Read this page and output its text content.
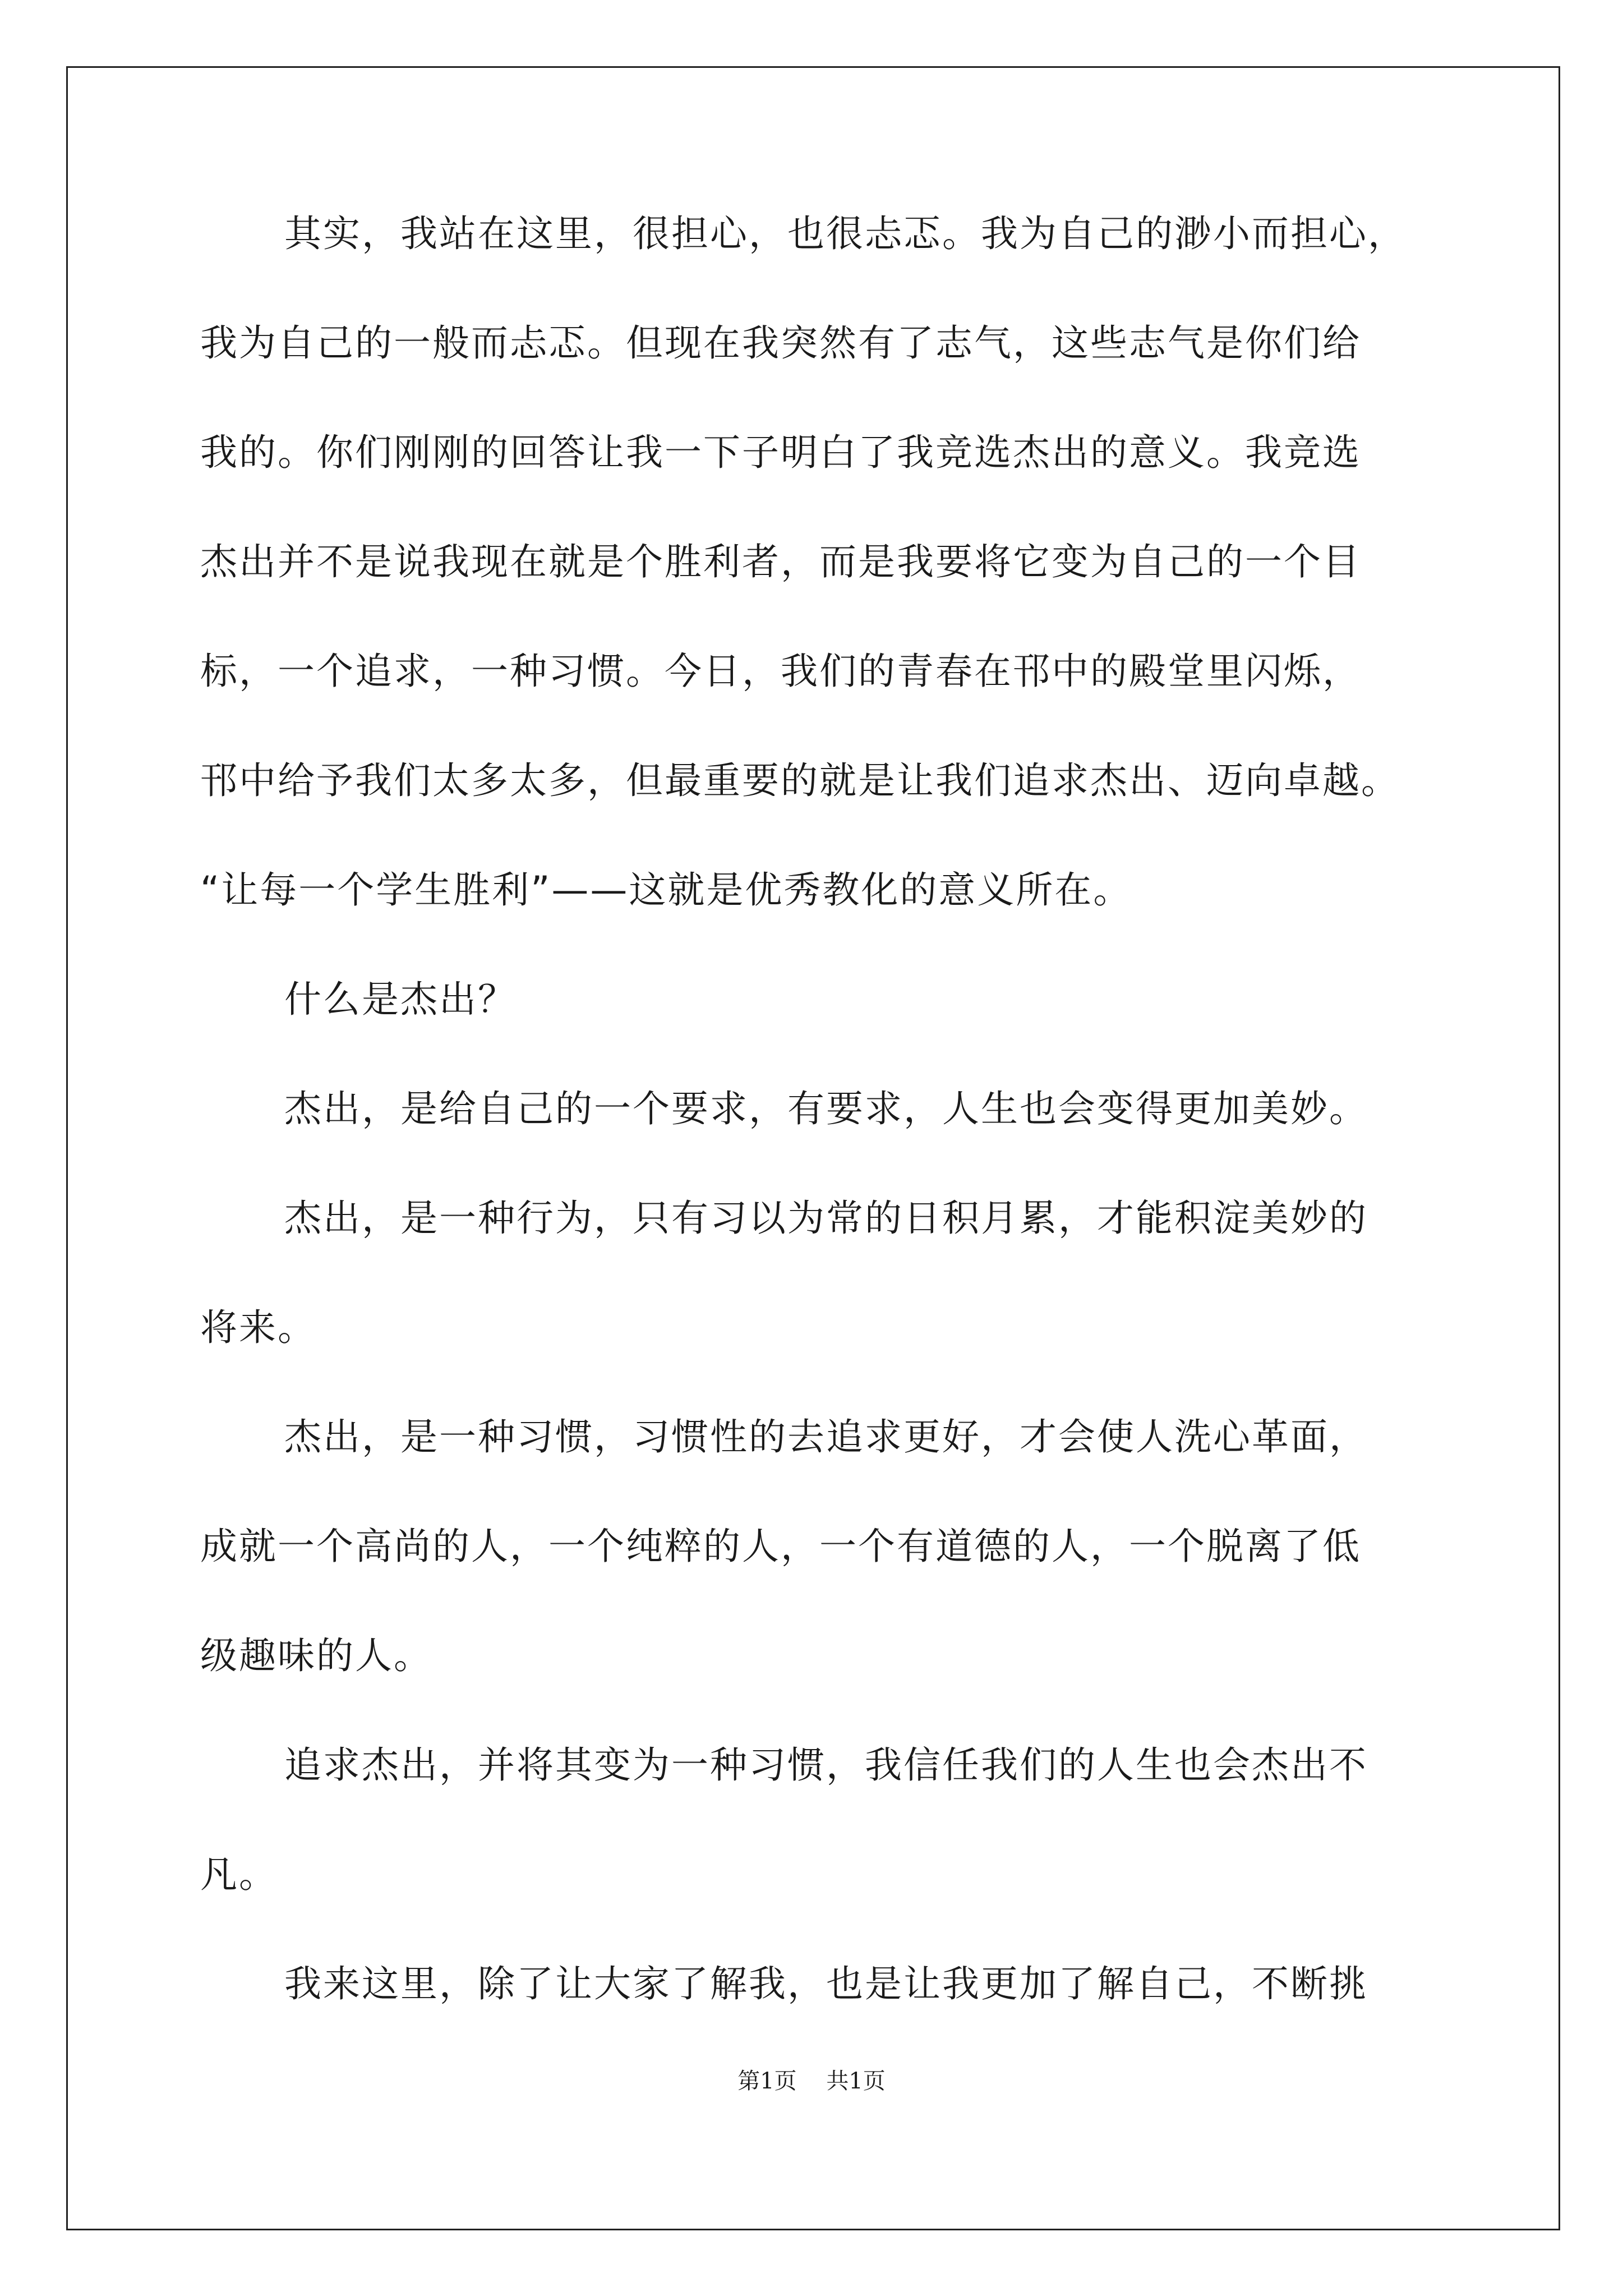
其实，我站在这里，很担心，也很忐忑。我为自己的渺小而担心，
我为自己的一般而忐忑。但现在我突然有了志气，这些志气是你们给
我的。你们刚刚的回答让我一下子明白了我竞选杰出的意义。我竞选
杰出并不是说我现在就是个胜利者，而是我要将它变为自己的一个目
标，一个追求，一种习惯。今日，我们的青春在邗中的殿堂里闪烁，
邗中给予我们太多太多，但最重要的就是让我们追求杰出、迈向卓越。
“让每一个学生胜利”——这就是优秀教化的意义所在。
什么是杰出？
杰出，是给自己的一个要求，有要求，人生也会变得更加美妙。
杰出，是一种行为，只有习以为常的日积月累，才能积淀美妙的
将来。
杰出，是一种习惯，习惯性的去追求更好，才会使人洗心革面，
成就一个高尚的人，一个纯粹的人，一个有道德的人，一个脱离了低
级趣味的人。
追求杰出，并将其变为一种习惯，我信任我们的人生也会杰出不
凡。
我来这里，除了让大家了解我，也是让我更加了解自己，不断挑
第1页 共1页
